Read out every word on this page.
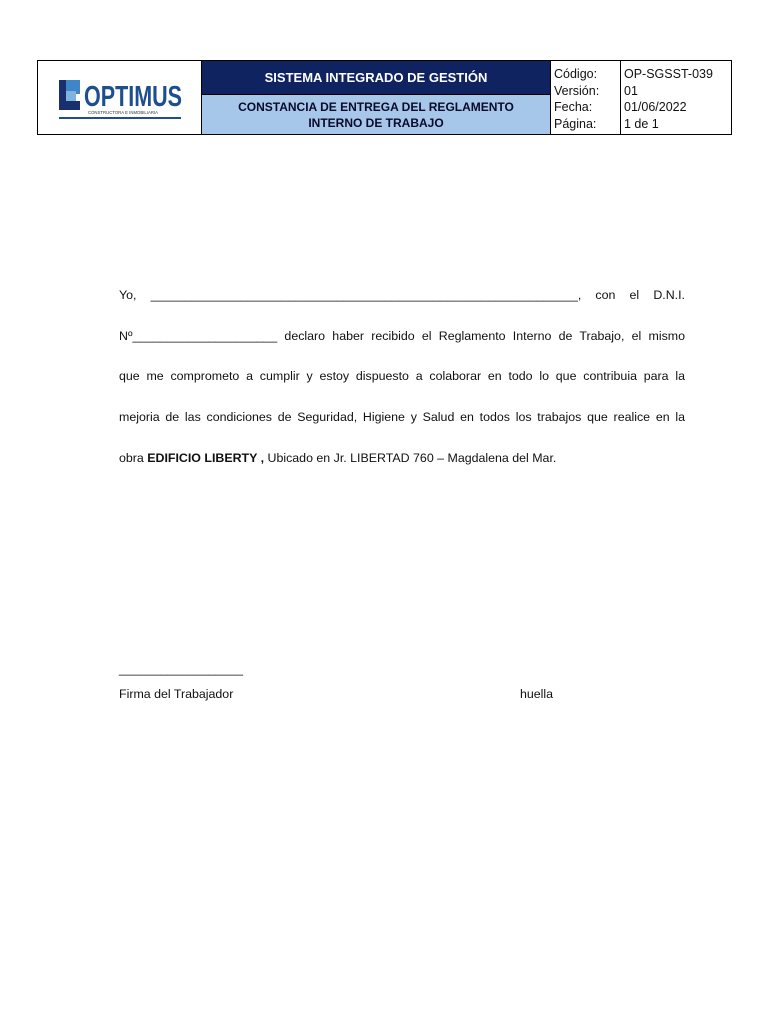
OPTIMUS
CONSTRUCTORA E INMOBILIARIA
SISTEMA INTEGRADO DE GESTIÓN
CONSTANCIA DE ENTREGA DEL REGLAMENTO INTERNO DE TRABAJO
Código:
Versión:
Fecha:
Página:
OP-SGSST-039
01
01/06/2022
1 de 1
Yo, ______________________________________________________________, con el D.N.I.
Nº_____________________ declaro haber recibido el Reglamento Interno de Trabajo, el mismo
que me comprometo a cumplir y estoy dispuesto a colaborar en todo lo que contribuia para la
mejoria de las condiciones de Seguridad, Higiene y Salud en todos los trabajos que realice en la
obra EDIFICIO LIBERTY , Ubicado en Jr. LIBERTAD 760 – Magdalena del Mar.
__________________
Firma del Trabajador	huella
